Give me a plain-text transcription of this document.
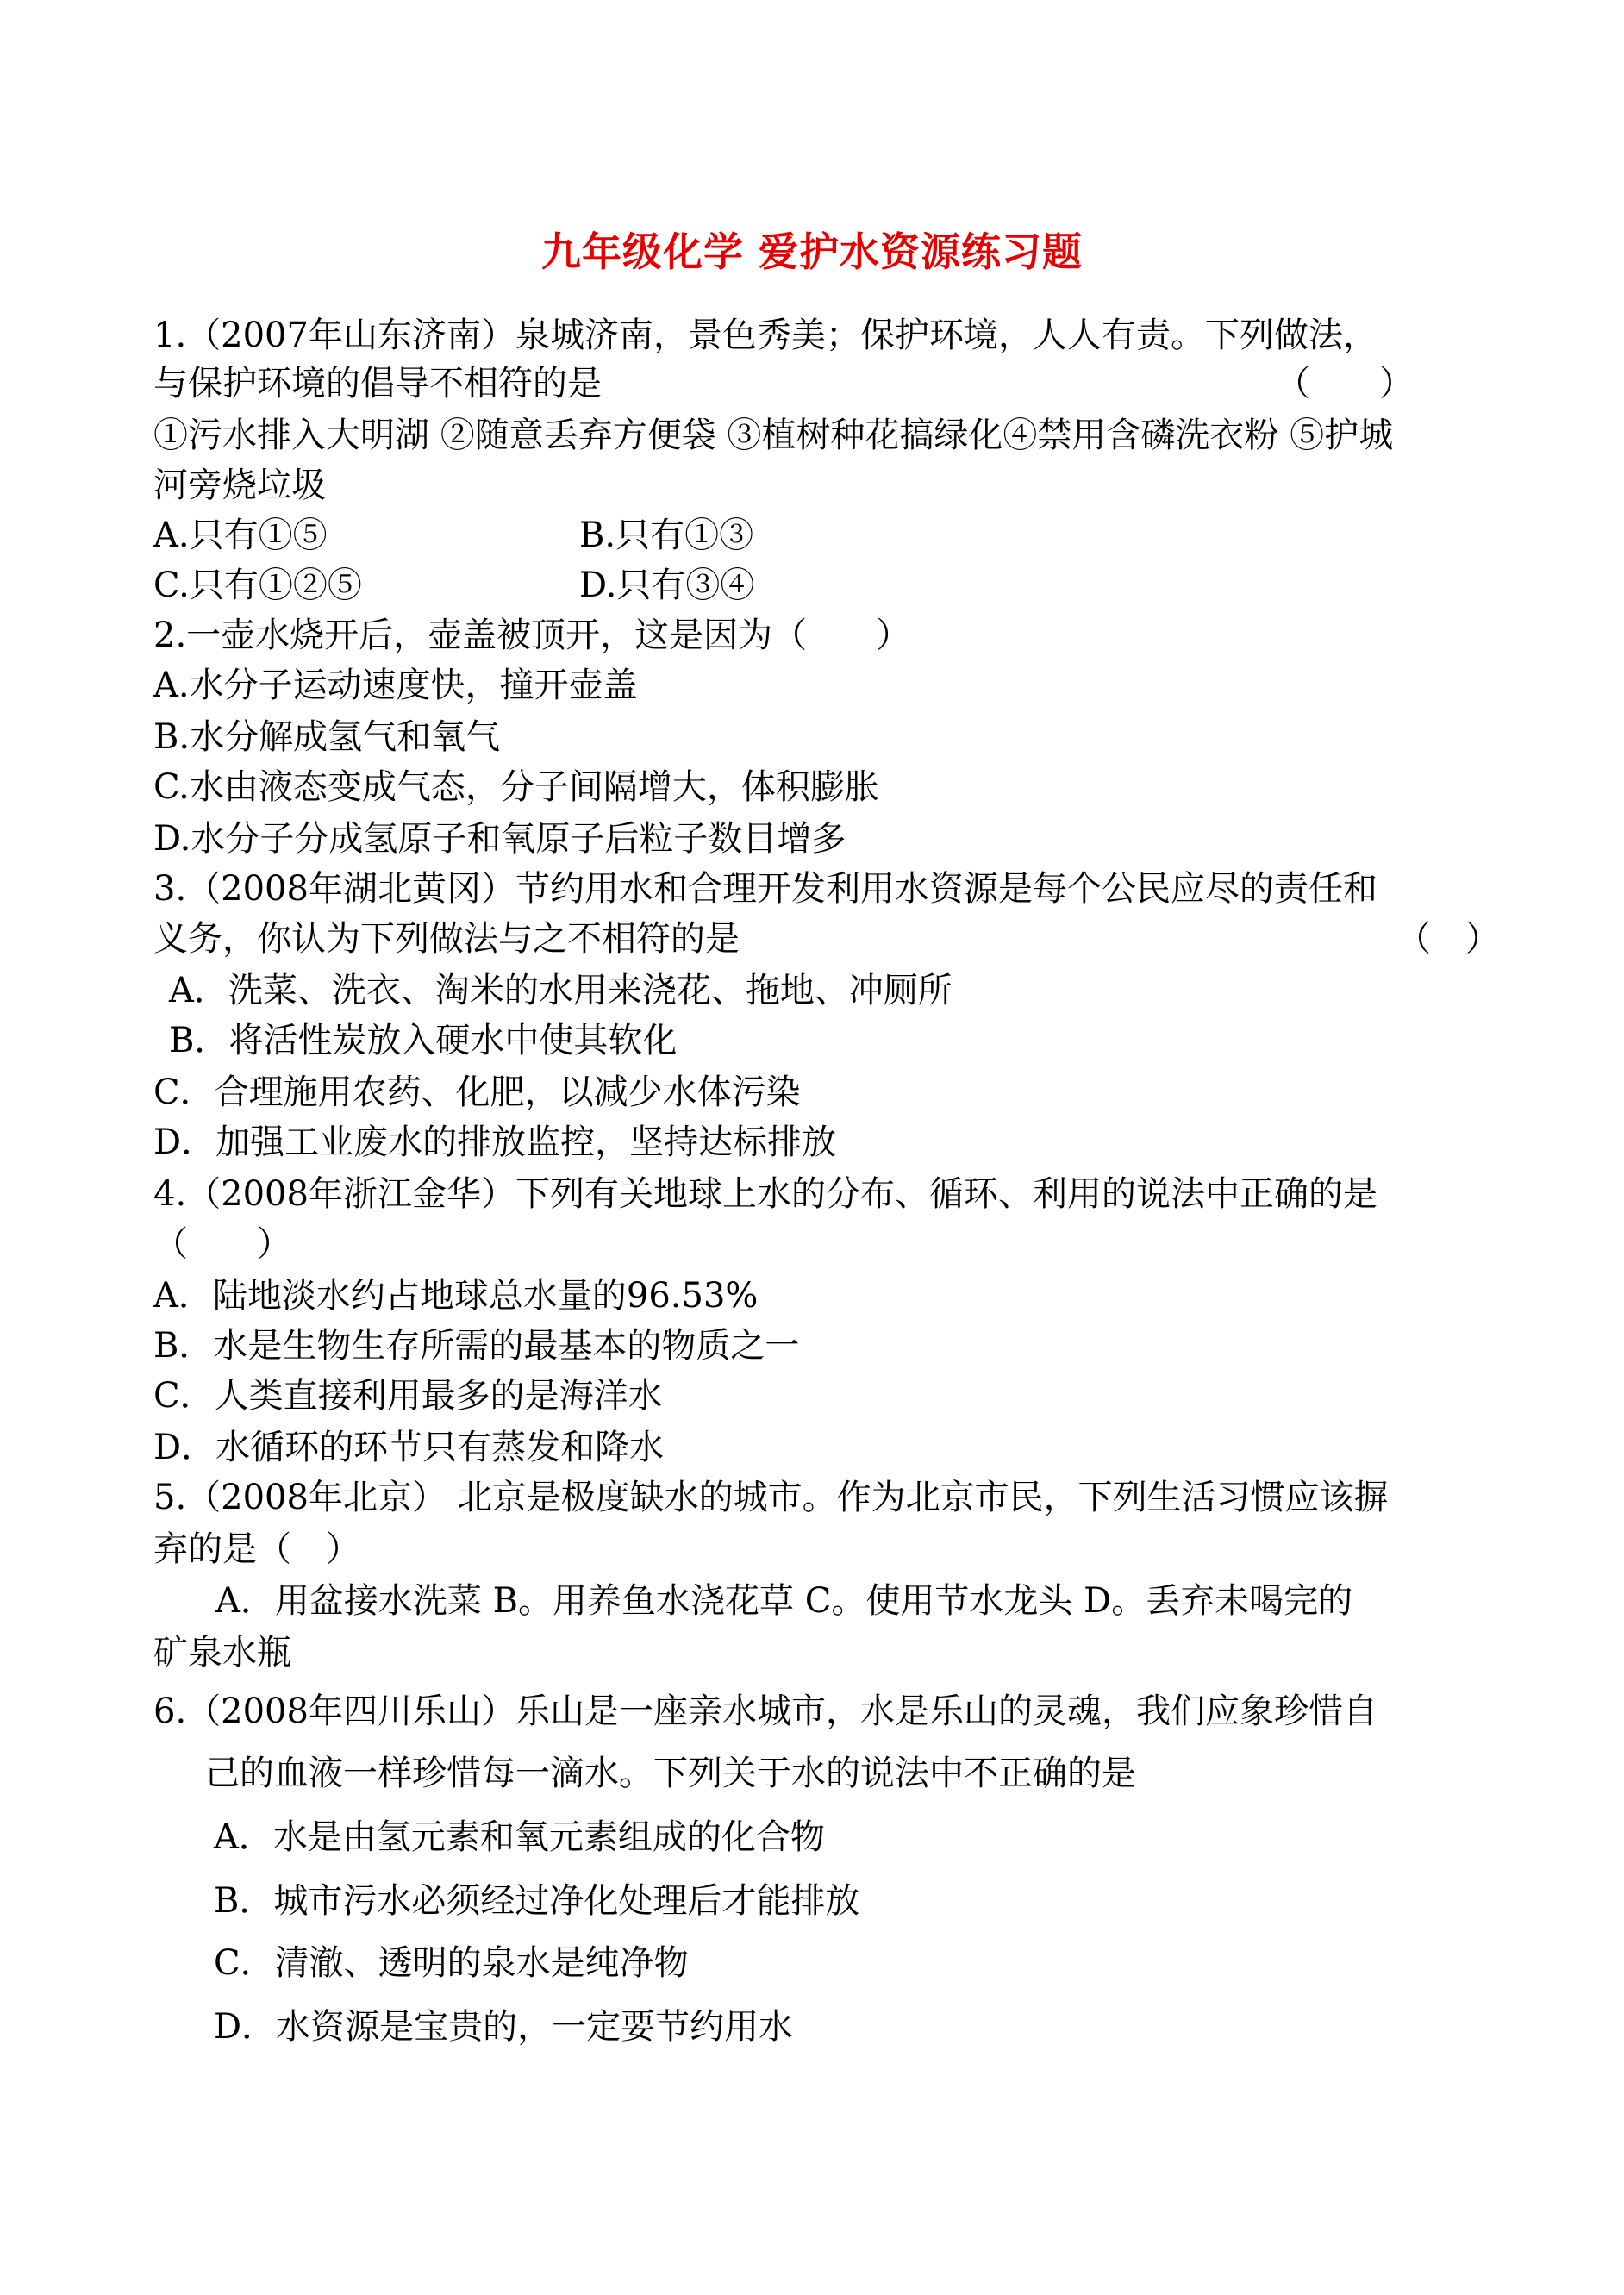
九年级化学 爱护水资源练习题
1.（2007年山东济南）泉城济南，景色秀美；保护环境，人人有责。下列做法，
与保护环境的倡导不相符的是	（　　）
①污水排入大明湖 ②随意丢弃方便袋 ③植树种花搞绿化④禁用含磷洗衣粉 ⑤护城
河旁烧垃圾
A.只有①⑤	B.只有①③
C.只有①②⑤	D.只有③④
2.一壶水烧开后，壶盖被顶开，这是因为（　　）
A.水分子运动速度快，撞开壶盖
B.水分解成氢气和氧气
C.水由液态变成气态，分子间隔增大，体积膨胀
D.水分子分成氢原子和氧原子后粒子数目增多
3.（2008年湖北黄冈）节约用水和合理开发利用水资源是每个公民应尽的责任和
义务，你认为下列做法与之不相符的是	（　）
A．洗菜、洗衣、淘米的水用来浇花、拖地、冲厕所
B．将活性炭放入硬水中使其软化
C．合理施用农药、化肥，以减少水体污染
D．加强工业废水的排放监控，坚持达标排放
4.（2008年浙江金华）下列有关地球上水的分布、循环、利用的说法中正确的是
（　　）
A．陆地淡水约占地球总水量的96.53%
B．水是生物生存所需的最基本的物质之一
C．人类直接利用最多的是海洋水
D．水循环的环节只有蒸发和降水
5.（2008年北京） 北京是极度缺水的城市。作为北京市民，下列生活习惯应该摒
弃的是（　）
A．用盆接水洗菜 B。用养鱼水浇花草 C。使用节水龙头 D。丢弃未喝完的
矿泉水瓶
6.（2008年四川乐山）乐山是一座亲水城市，水是乐山的灵魂，我们应象珍惜自
己的血液一样珍惜每一滴水。下列关于水的说法中不正确的是
A．水是由氢元素和氧元素组成的化合物
B．城市污水必须经过净化处理后才能排放
C．清澈、透明的泉水是纯净物
D．水资源是宝贵的，一定要节约用水
